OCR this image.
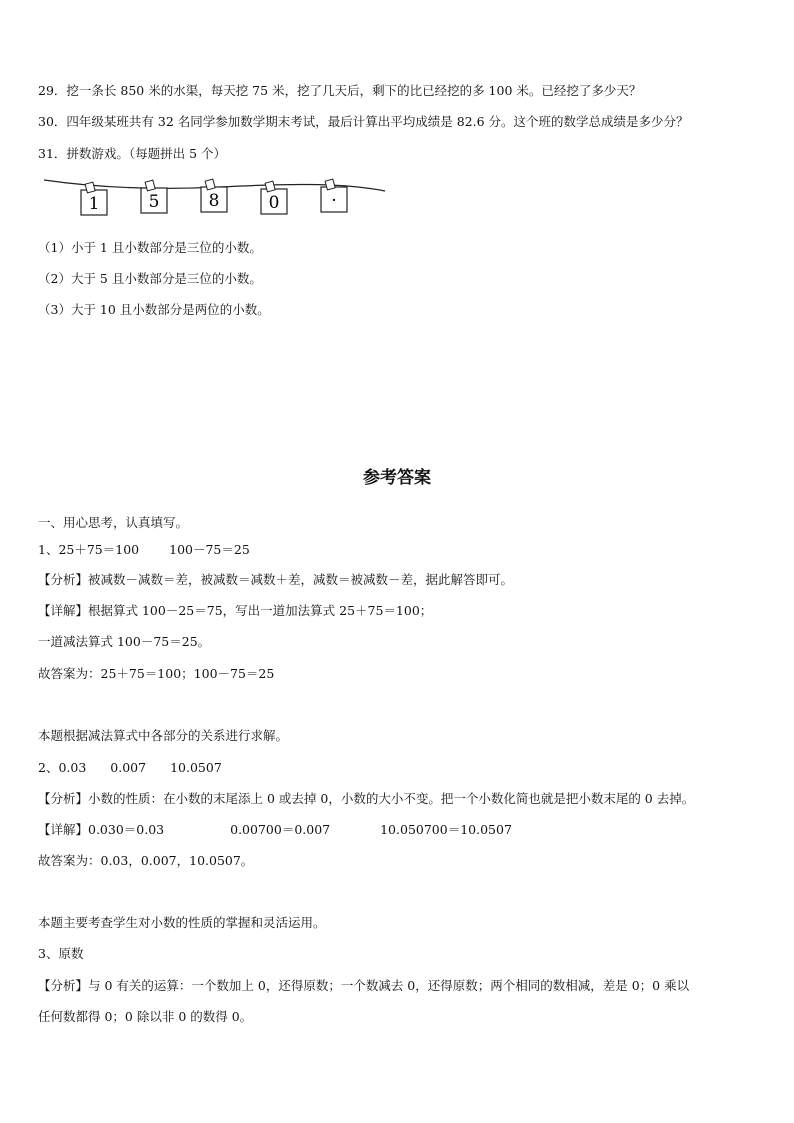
29．挖一条长 850 米的水渠，每天挖 75 米，挖了几天后，剩下的比已经挖的多 100 米。已经挖了多少天？
30．四年级某班共有 32 名同学参加数学期末考试，最后计算出平均成绩是 82.6 分。这个班的数学总成绩是多少分？
31．拼数游戏。（每题拼出 5 个）
1	5	8	0	·
（1）小于 1 且小数部分是三位的小数。
（2）大于 5 且小数部分是三位的小数。
（3）大于 10 且小数部分是两位的小数。
参考答案
一、用心思考，认真填写。
1、25＋75＝100 100－75＝25
【分析】被减数－减数＝差，被减数＝减数＋差，减数＝被减数－差，据此解答即可。
【详解】根据算式 100－25＝75，写出一道加法算式 25＋75＝100；
一道减法算式 100－75＝25。
故答案为：25＋75＝100；100－75＝25
本题根据减法算式中各部分的关系进行求解。
2、0.03 0.007 10.0507
【分析】小数的性质：在小数的末尾添上 0 或去掉 0，小数的大小不变。把一个小数化简也就是把小数末尾的 0 去掉。
【详解】0.030＝0.03	0.00700＝0.007	10.050700＝10.0507
故答案为：0.03，0.007，10.0507。
本题主要考查学生对小数的性质的掌握和灵活运用。
3、原数
【分析】与 0 有关的运算：一个数加上 0，还得原数；一个数减去 0，还得原数；两个相同的数相减，差是 0；0 乘以
任何数都得 0；0 除以非 0 的数得 0。
